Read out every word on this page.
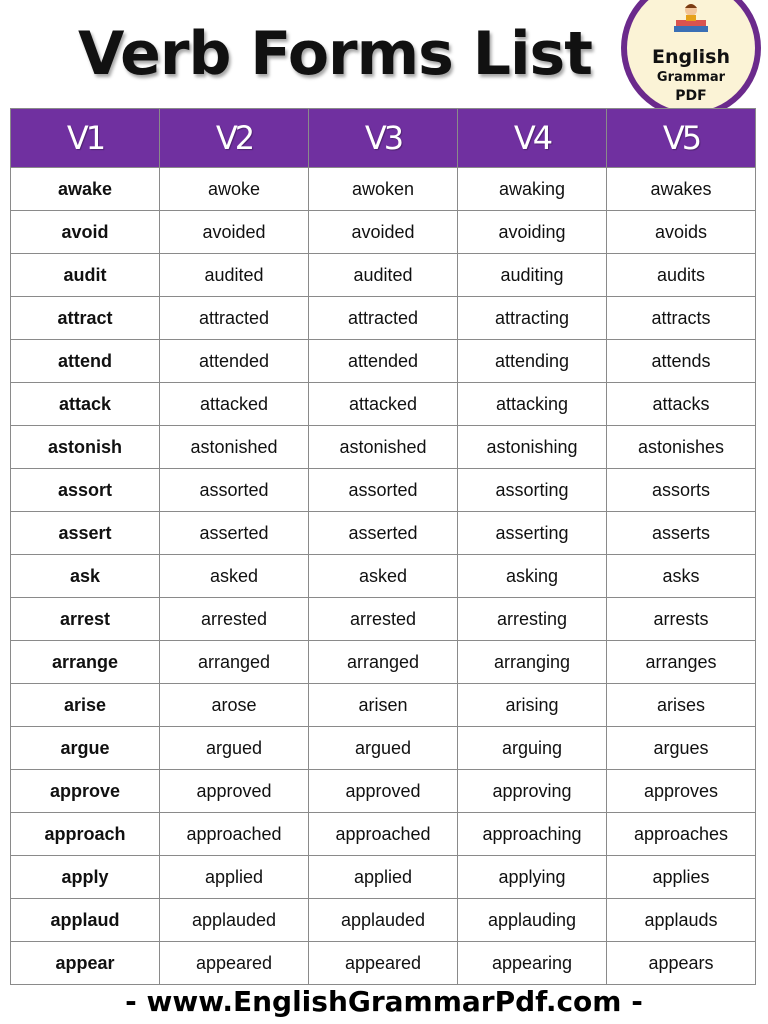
Verb Forms List	English
Grammar
PDF
V1	V2	V3	V4	V5
awake	awoke	awoken	awaking	awakes
avoid	avoided	avoided	avoiding	avoids
audit	audited	audited	auditing	audits
attract	attracted	attracted	attracting	attracts
attend	attended	attended	attending	attends
attack	attacked	attacked	attacking	attacks
astonish	astonished	astonished	astonishing	astonishes
assort	assorted	assorted	assorting	assorts
assert	asserted	asserted	asserting	asserts
ask	asked	asked	asking	asks
arrest	arrested	arrested	arresting	arrests
arrange	arranged	arranged	arranging	arranges
arise	arose	arisen	arising	arises
argue	argued	argued	arguing	argues
approve	approved	approved	approving	approves
approach	approached	approached	approaching	approaches
apply	applied	applied	applying	applies
applaud	applauded	applauded	applauding	applauds
appear	appeared	appeared	appearing	appears
- www.EnglishGrammarPdf.com -
